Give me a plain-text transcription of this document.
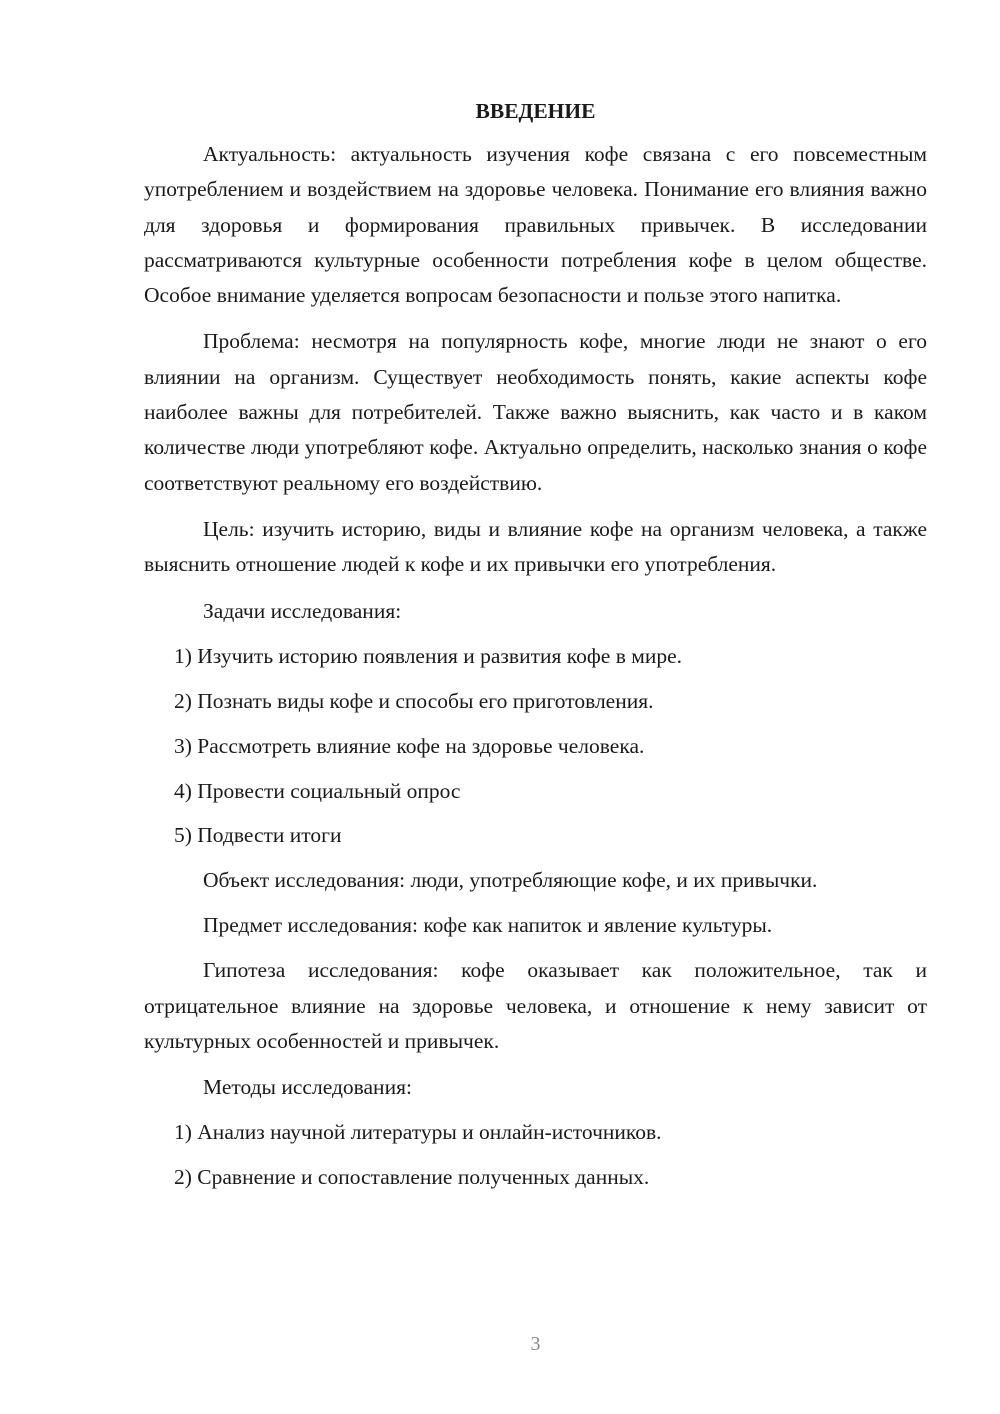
ВВЕДЕНИЕ
Актуальность: актуальность изучения кофе связана с его повсеместным употреблением и воздействием на здоровье человека. Понимание его влияния важно для здоровья и формирования правильных привычек. В исследовании рассматриваются культурные особенности потребления кофе в целом обществе. Особое внимание уделяется вопросам безопасности и пользе этого напитка.
Проблема: несмотря на популярность кофе, многие люди не знают о его влиянии на организм. Существует необходимость понять, какие аспекты кофе наиболее важны для потребителей. Также важно выяснить, как часто и в каком количестве люди употребляют кофе. Актуально определить, насколько знания о кофе соответствуют реальному его воздействию.
Цель: изучить историю, виды и влияние кофе на организм человека, а также выяснить отношение людей к кофе и их привычки его употребления.
Задачи исследования:
1) Изучить историю появления и развития кофе в мире.
2) Познать виды кофе и способы его приготовления.
3) Рассмотреть влияние кофе на здоровье человека.
4) Провести социальный опрос
5) Подвести итоги
Объект исследования: люди, употребляющие кофе, и их привычки.
Предмет исследования: кофе как напиток и явление культуры.
Гипотеза исследования: кофе оказывает как положительное, так и отрицательное влияние на здоровье человека, и отношение к нему зависит от культурных особенностей и привычек.
Методы исследования:
1) Анализ научной литературы и онлайн-источников.
2) Сравнение и сопоставление полученных данных.
3
